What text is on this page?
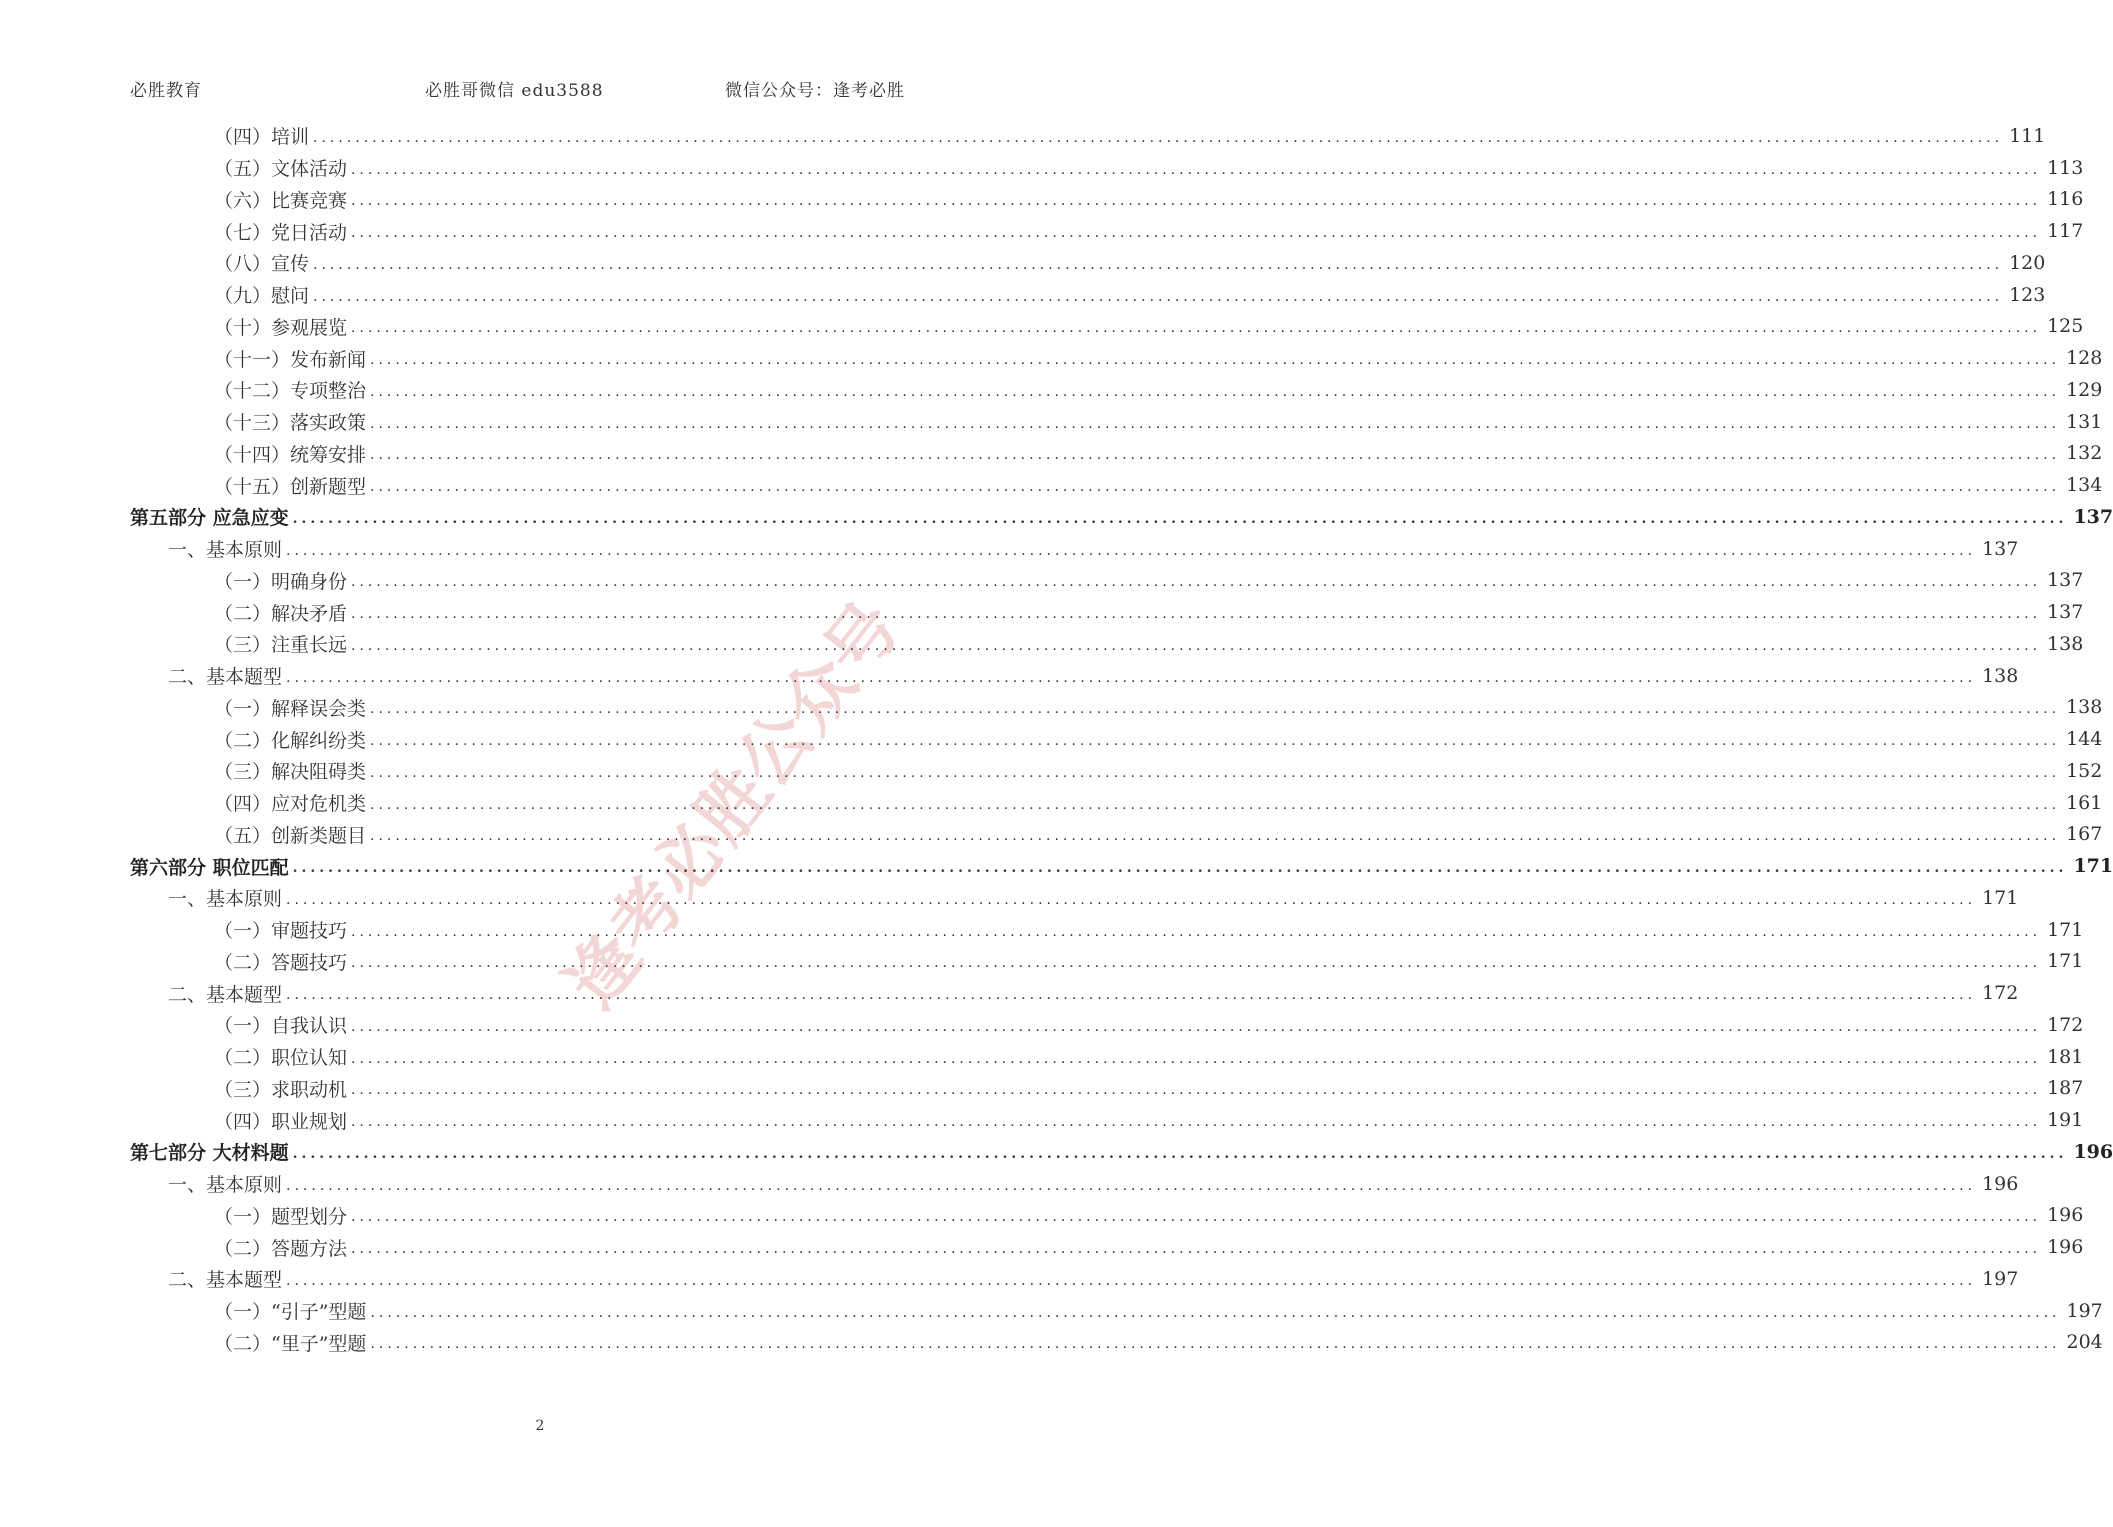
必胜教育	必胜哥微信 edu3588	微信公众号：逢考必胜
逢考必胜公众号
（四）培训 ........................................................................................................................................................................................................ 111
（五）文体活动 ........................................................................................................................................................................................................ 113
（六）比赛竞赛 ........................................................................................................................................................................................................ 116
（七）党日活动 ........................................................................................................................................................................................................ 117
（八）宣传 ........................................................................................................................................................................................................ 120
（九）慰问 ........................................................................................................................................................................................................ 123
（十）参观展览 ........................................................................................................................................................................................................ 125
（十一）发布新闻 ........................................................................................................................................................................................................ 128
（十二）专项整治 ........................................................................................................................................................................................................ 129
（十三）落实政策 ........................................................................................................................................................................................................ 131
（十四）统筹安排 ........................................................................................................................................................................................................ 132
（十五）创新题型 ........................................................................................................................................................................................................ 134
第五部分 应急应变 ........................................................................................................................................................................................................ 137
一、基本原则 ........................................................................................................................................................................................................ 137
（一）明确身份 ........................................................................................................................................................................................................ 137
（二）解决矛盾 ........................................................................................................................................................................................................ 137
（三）注重长远 ........................................................................................................................................................................................................ 138
二、基本题型 ........................................................................................................................................................................................................ 138
（一）解释误会类 ........................................................................................................................................................................................................ 138
（二）化解纠纷类 ........................................................................................................................................................................................................ 144
（三）解决阻碍类 ........................................................................................................................................................................................................ 152
（四）应对危机类 ........................................................................................................................................................................................................ 161
（五）创新类题目 ........................................................................................................................................................................................................ 167
第六部分 职位匹配 ........................................................................................................................................................................................................ 171
一、基本原则 ........................................................................................................................................................................................................ 171
（一）审题技巧 ........................................................................................................................................................................................................ 171
（二）答题技巧 ........................................................................................................................................................................................................ 171
二、基本题型 ........................................................................................................................................................................................................ 172
（一）自我认识 ........................................................................................................................................................................................................ 172
（二）职位认知 ........................................................................................................................................................................................................ 181
（三）求职动机 ........................................................................................................................................................................................................ 187
（四）职业规划 ........................................................................................................................................................................................................ 191
第七部分 大材料题 ........................................................................................................................................................................................................ 196
一、基本原则 ........................................................................................................................................................................................................ 196
（一）题型划分 ........................................................................................................................................................................................................ 196
（二）答题方法 ........................................................................................................................................................................................................ 196
二、基本题型 ........................................................................................................................................................................................................ 197
（一）“引子”型题 ........................................................................................................................................................................................................ 197
（二）“里子”型题 ........................................................................................................................................................................................................ 204
2
